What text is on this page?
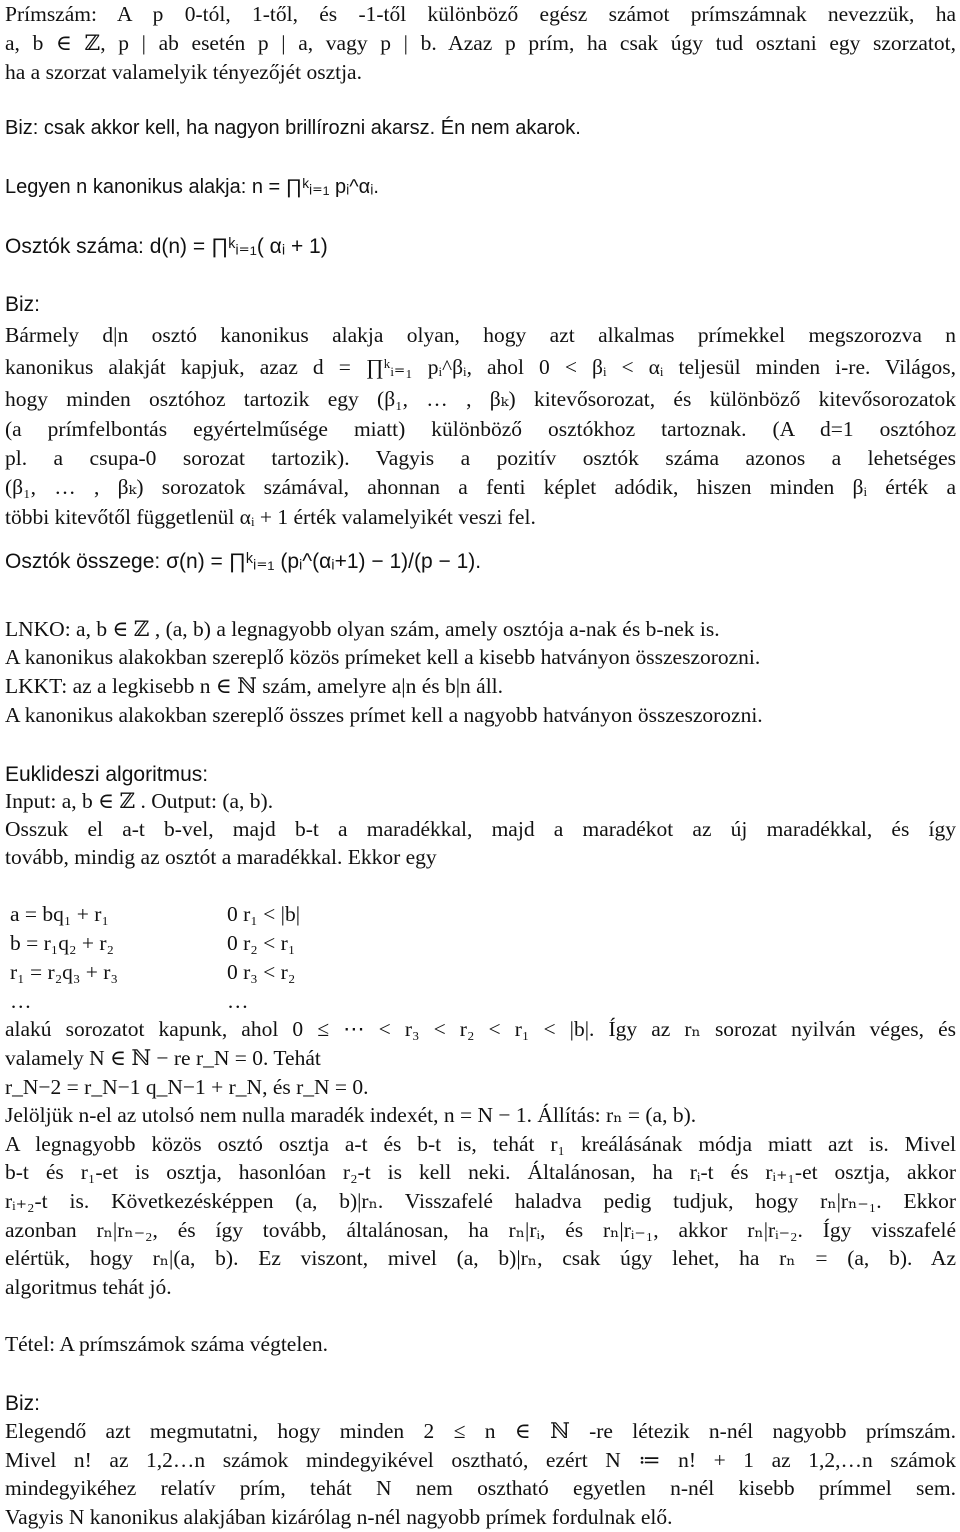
Prímszám: A p 0-tól, 1-től, és -1-től különböző egész számot prímszámnak nevezzük, ha
a, b ∈ ℤ, p | ab esetén p | a, vagy p | b. Azaz p prím, ha csak úgy tud osztani egy szorzatot,
ha a szorzat valamelyik tényezőjét osztja.
Biz: csak akkor kell, ha nagyon brillírozni akarsz. Én nem akarok.
Legyen n kanonikus alakja: n = ∏ᵏᵢ₌₁ pᵢ^αᵢ.
Osztók száma: d(n) = ∏ᵏᵢ₌₁( αᵢ + 1)
Biz:
Bármely d|n osztó kanonikus alakja olyan, hogy azt alkalmas prímekkel megszorozva n
kanonikus alakját kapjuk, azaz d = ∏ᵏᵢ₌₁ pᵢ^βᵢ, ahol 0 < βᵢ < αᵢ teljesül minden i-re. Világos,
hogy minden osztóhoz tartozik egy (β₁, … , βₖ) kitevősorozat, és különböző kitevősorozatok
(a prímfelbontás egyértelműsége miatt) különböző osztókhoz tartoznak. (A d=1 osztóhoz
pl. a csupa-0 sorozat tartozik). Vagyis a pozitív osztók száma azonos a lehetséges
(β₁, … , βₖ) sorozatok számával, ahonnan a fenti képlet adódik, hiszen minden βᵢ érték a
többi kitevőtől függetlenül αᵢ + 1 érték valamelyikét veszi fel.
Osztók összege: σ(n) = ∏ᵏᵢ₌₁ (pᵢ^(αᵢ+1) − 1)/(p − 1).
LNKO: a, b ∈ ℤ , (a, b) a legnagyobb olyan szám, amely osztója a-nak és b-nek is.
A kanonikus alakokban szereplő közös prímeket kell a kisebb hatványon összeszorozni.
LKKT: az a legkisebb n ∈ ℕ szám, amelyre a|n és b|n áll.
A kanonikus alakokban szereplő összes prímet kell a nagyobb hatványon összeszorozni.
Euklideszi algoritmus:
Input: a, b ∈ ℤ . Output: (a, b).
Osszuk el a-t b-vel, majd b-t a maradékkal, majd a maradékot az új maradékkal, és így
tovább, mindig az osztót a maradékkal. Ekkor egy
a = bq₁ + r₁	0 r₁ < |b|
b = r₁q₂ + r₂	0 r₂ < r₁
r₁ = r₂q₃ + r₃	0 r₃ < r₂
…	…
alakú sorozatot kapunk, ahol 0 ≤ ⋯ < r₃ < r₂ < r₁ < |b|. Így az rₙ sorozat nyilván véges, és
valamely N ∈ ℕ − re r_N = 0. Tehát
r_N−2 = r_N−1 q_N−1 + r_N, és r_N = 0.
Jelöljük n-el az utolsó nem nulla maradék indexét, n = N − 1. Állítás: rₙ = (a, b).
A legnagyobb közös osztó osztja a-t és b-t is, tehát r₁ kreálásának módja miatt azt is. Mivel
b-t és r₁-et is osztja, hasonlóan r₂-t is kell neki. Általánosan, ha rᵢ-t és rᵢ₊₁-et osztja, akkor
rᵢ₊₂-t is. Következésképpen (a, b)|rₙ. Visszafelé haladva pedig tudjuk, hogy rₙ|rₙ₋₁. Ekkor
azonban rₙ|rₙ₋₂, és így tovább, általánosan, ha rₙ|rᵢ, és rₙ|rᵢ₋₁, akkor rₙ|rᵢ₋₂. Így visszafelé
elértük, hogy rₙ|(a, b). Ez viszont, mivel (a, b)|rₙ, csak úgy lehet, ha rₙ = (a, b). Az
algoritmus tehát jó.
Tétel: A prímszámok száma végtelen.
Biz:
Elegendő azt megmutatni, hogy minden 2 ≤ n ∈ ℕ -re létezik n-nél nagyobb prímszám.
Mivel n! az 1,2…n számok mindegyikével osztható, ezért N ≔ n! + 1 az 1,2,…n számok
mindegyikéhez relatív prím, tehát N nem osztható egyetlen n-nél kisebb prímmel sem.
Vagyis N kanonikus alakjában kizárólag n-nél nagyobb prímek fordulnak elő.
